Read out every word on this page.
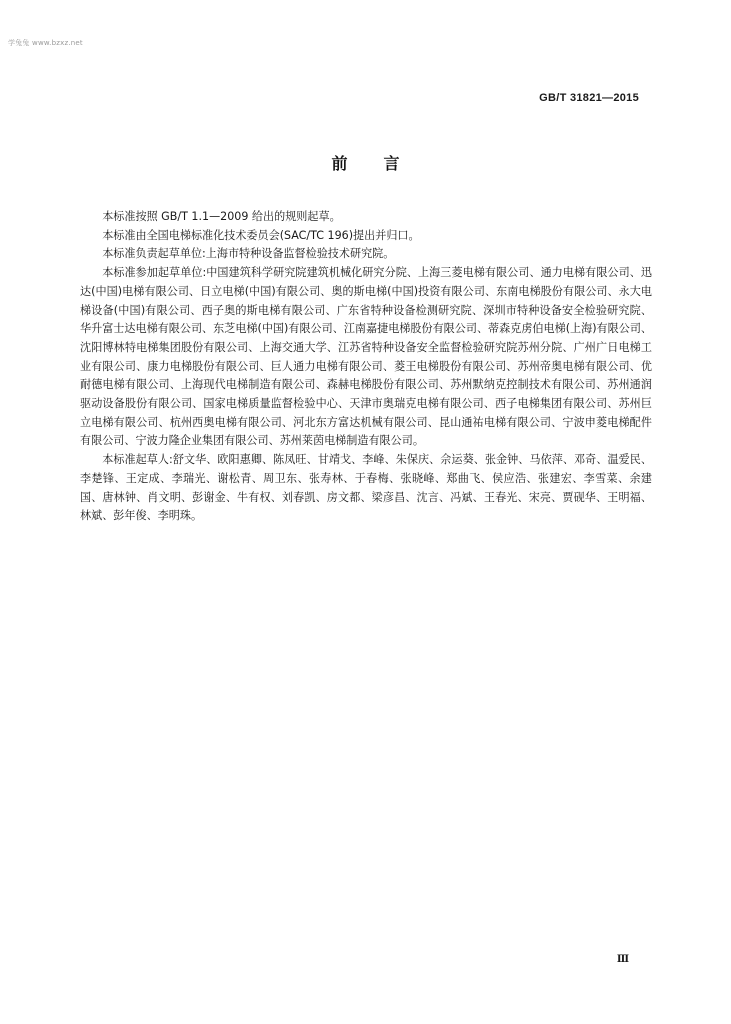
学兔兔 www.bzxz.net
GB/T 31821—2015
前言

本标准按照 GB/T 1.1—2009 给出的规则起草。

本标准由全国电梯标准化技术委员会(SAC/TC 196)提出并归口。

本标准负责起草单位:上海市特种设备监督检验技术研究院。

本标准参加起草单位:中国建筑科学研究院建筑机械化研究分院、上海三菱电梯有限公司、通力电梯有限公司、迅达(中国)电梯有限公司、日立电梯(中国)有限公司、奥的斯电梯(中国)投资有限公司、东南电梯股份有限公司、永大电梯设备(中国)有限公司、西子奥的斯电梯有限公司、广东省特种设备检测研究院、深圳市特种设备安全检验研究院、华升富士达电梯有限公司、东芝电梯(中国)有限公司、江南嘉捷电梯股份有限公司、蒂森克虏伯电梯(上海)有限公司、沈阳博林特电梯集团股份有限公司、上海交通大学、江苏省特种设备安全监督检验研究院苏州分院、广州广日电梯工业有限公司、康力电梯股份有限公司、巨人通力电梯有限公司、菱王电梯股份有限公司、苏州帝奥电梯有限公司、优耐德电梯有限公司、上海现代电梯制造有限公司、森赫电梯股份有限公司、苏州默纳克控制技术有限公司、苏州通润驱动设备股份有限公司、国家电梯质量监督检验中心、天津市奥瑞克电梯有限公司、西子电梯集团有限公司、苏州巨立电梯有限公司、杭州西奥电梯有限公司、河北东方富达机械有限公司、昆山通祐电梯有限公司、宁波申菱电梯配件有限公司、宁波力隆企业集团有限公司、苏州莱茵电梯制造有限公司。

本标准起草人:舒文华、欧阳惠卿、陈凤旺、甘靖戈、李峰、朱保庆、佘运葵、张金钟、马依萍、邓奇、温爱民、李楚锋、王定成、李瑞光、谢松青、周卫东、张寿林、于春梅、张晓峰、郑曲飞、侯应浩、张建宏、李雪菜、余建国、唐林钟、肖文明、彭谢金、牛有权、刘春凯、房文都、梁彦昌、沈言、冯斌、王春光、宋亮、贾砚华、王明福、林斌、彭年俊、李明珠。

Ⅲ
